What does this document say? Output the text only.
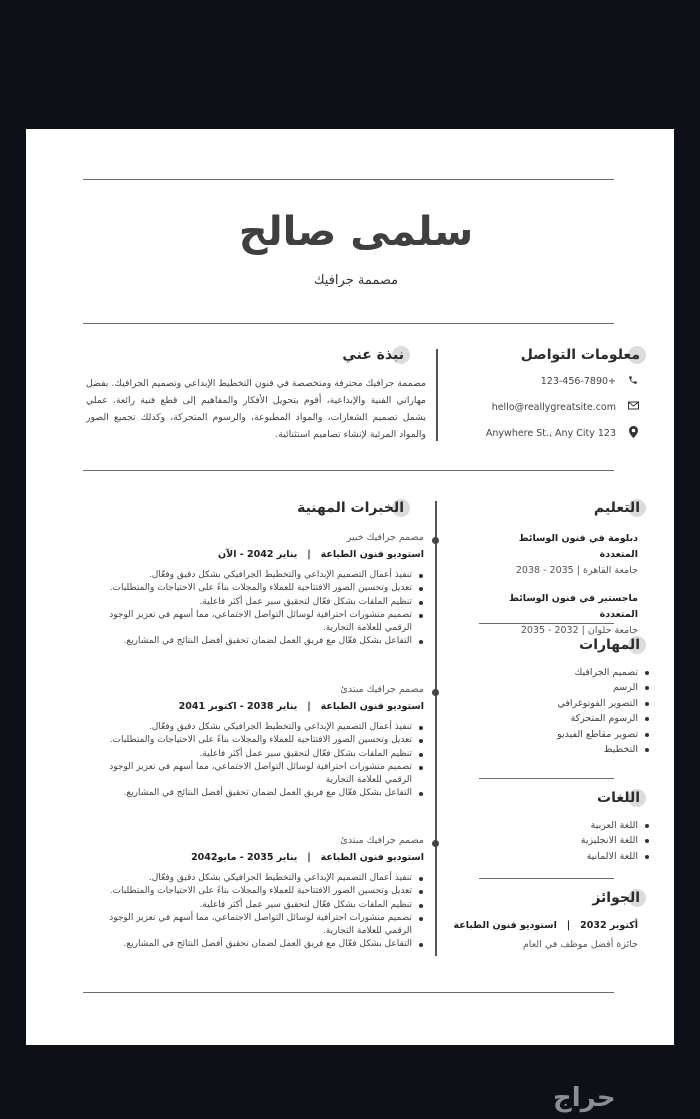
سلمى صالح
مصممة جرافيك
معلومات التواصل
123-456-7890+
hello@reallygreatsite.com
Anywhere St., Any City 123
نبذة عني
مصممة جرافيك محترفة ومتخصصة في فنون التخطيط الإبداعي وتصميم الجرافيك. بفضل مهاراتي الفنية والإبداعية، أقوم بتحويل الأفكار والمفاهيم إلى قطع فنية رائعة. عملي يشمل تصميم الشعارات، والمواد المطبوعة، والرسوم المتحركة، وكذلك تجميع الصور والمواد المرئية لإنشاء تصاميم استثنائية.
الخبرات المهنية
مصمم جرافيك خبير
استوديو فنون الطباعة   |   يناير 2042 - الآن
تنفيذ أعمال التصميم الإبداعي والتخطيط الجرافيكي بشكل دقيق وفعّال.
تعديل وتحسين الصور الافتتاحية للعملاء والمجلات بناءً على الاحتياجات والمتطلبات.
تنظيم الملفات بشكل فعّال لتحقيق سير عمل أكثر فاعلية.
تصميم منشورات احترافية لوسائل التواصل الاجتماعي، مما أسهم في تعزيز الوجود الرقمي للعلامة التجارية.
التفاعل بشكل فعّال مع فريق العمل لضمان تحقيق أفضل النتائج في المشاريع.
مصمم جرافيك مبتدئ
استوديو فنون الطباعة   |   يناير 2038 - اكتوبر 2041
تنفيذ أعمال التصميم الإبداعي والتخطيط الجرافيكي بشكل دقيق وفعّال.
تعديل وتحسين الصور الافتتاحية للعملاء والمجلات بناءً على الاحتياجات والمتطلبات.
تنظيم الملفات بشكل فعّال لتحقيق سير عمل أكثر فاعلية.
تصميم منشورات احترافية لوسائل التواصل الاجتماعي، مما أسهم في تعزيز الوجود الرقمي للعلامة التجارية
التفاعل بشكل فعّال مع فريق العمل لضمان تحقيق أفضل النتائج في المشاريع.
مصمم جرافيك مبتدئ
استوديو فنون الطباعة   |   يناير 2035 - مايو2042
تنفيذ أعمال التصميم الإبداعي والتخطيط الجرافيكي بشكل دقيق وفعّال.
تعديل وتحسين الصور الافتتاحية للعملاء والمجلات بناءً على الاحتياجات والمتطلبات.
تنظيم الملفات بشكل فعّال لتحقيق سير عمل أكثر فاعلية.
تصميم منشورات احترافية لوسائل التواصل الاجتماعي، مما أسهم في تعزيز الوجود الرقمي للعلامة التجارية.
التفاعل بشكل فعّال مع فريق العمل لضمان تحقيق أفضل النتائج في المشاريع.
التعليم
دبلومة في فنون الوسائط المتعددة
جامعة القاهرة | 2035 - 2038
ماجستير في فنون الوسائط المتعددة
جامعة حلوان | 2032 - 2035
المهارات
تصميم الجرافيك
الرسم
التصوير الفوتوغرافي
الرسوم المتحركة
تصوير مقاطع الفيديو
التخطيط
اللغات
اللغة العربية
اللغة الانجليزية
اللغة الالمانية
الجوائز
أكتوبر 2032   |   استوديو فنون الطباعة
جائزة أفضل موظف في العام
حراج
